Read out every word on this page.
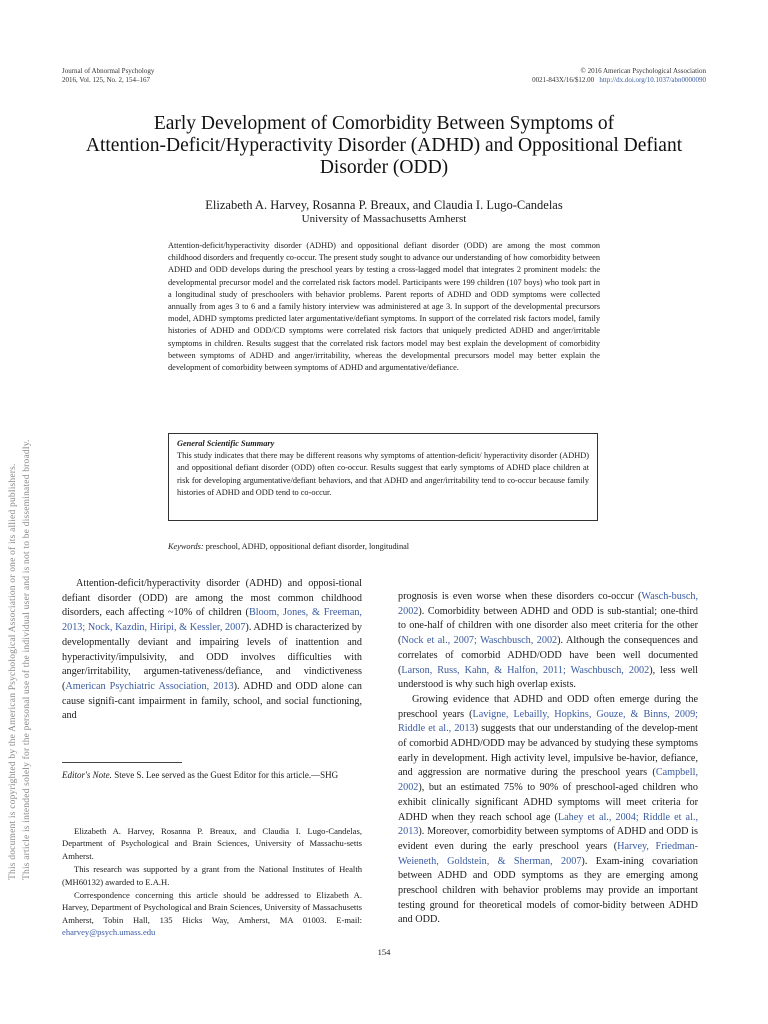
This document is copyrighted by the American Psychological Association or one of its allied publishers. This article is intended solely for the personal use of the individual user and is not to be disseminated broadly.
Journal of Abnormal Psychology
2016, Vol. 125, No. 2, 154–167
© 2016 American Psychological Association
0021-843X/16/$12.00 http://dx.doi.org/10.1037/abn0000090
Early Development of Comorbidity Between Symptoms of
Attention-Deficit/Hyperactivity Disorder (ADHD) and Oppositional Defiant
Disorder (ODD)
Elizabeth A. Harvey, Rosanna P. Breaux, and Claudia I. Lugo-Candelas
University of Massachusetts Amherst
Attention-deficit/hyperactivity disorder (ADHD) and oppositional defiant disorder (ODD) are among the most common childhood disorders and frequently co-occur. The present study sought to advance our understanding of how comorbidity between ADHD and ODD develops during the preschool years by testing a cross-lagged model that integrates 2 prominent models: the developmental precursor model and the correlated risk factors model. Participants were 199 children (107 boys) who took part in a longitudinal study of preschoolers with behavior problems. Parent reports of ADHD and ODD symptoms were collected annually from ages 3 to 6 and a family history interview was administered at age 3. In support of the developmental precursors model, ADHD symptoms predicted later argumentative/defiant symptoms. In support of the correlated risk factors model, family histories of ADHD and ODD/CD symptoms were correlated risk factors that uniquely predicted ADHD and anger/irritable symptoms in children. Results suggest that the correlated risk factors model may best explain the development of comorbidity between symptoms of ADHD and anger/irritability, whereas the developmental precursors model may better explain the development of comorbidity between symptoms of ADHD and argumentative/defiance.
General Scientific Summary
This study indicates that there may be different reasons why symptoms of attention-deficit/ hyperactivity disorder (ADHD) and oppositional defiant disorder (ODD) often co-occur. Results suggest that early symptoms of ADHD place children at risk for developing argumentative/defiant behaviors, and that ADHD and anger/irritability tend to co-occur because family histories of ADHD and ODD tend to co-occur.
Keywords: preschool, ADHD, oppositional defiant disorder, longitudinal

Attention-deficit/hyperactivity disorder (ADHD) and opposi-tional defiant disorder (ODD) are among the most common childhood disorders, each affecting ~10% of children (Bloom, Jones, & Freeman, 2013; Nock, Kazdin, Hiripi, & Kessler, 2007). ADHD is characterized by developmentally deviant and impairing levels of inattention and hyperactivity/impulsivity, and ODD involves difficulties with anger/irritability, argumen-tativeness/defiance, and vindictiveness (American Psychiatric Association, 2013). ADHD and ODD alone can cause signifi-cant impairment in family, school, and social functioning, and

Editor's Note. Steve S. Lee served as the Guest Editor for this article.—SHG

Elizabeth A. Harvey, Rosanna P. Breaux, and Claudia I. Lugo-Candelas, Department of Psychological and Brain Sciences, University of Massachu-setts Amherst.

This research was supported by a grant from the National Institutes of Health (MH60132) awarded to E.A.H.

Correspondence concerning this article should be addressed to Elizabeth A. Harvey, Department of Psychological and Brain Sciences, University of Massachusetts Amherst, Tobin Hall, 135 Hicks Way, Amherst, MA 01003. E-mail: eharvey@psych.umass.edu

prognosis is even worse when these disorders co-occur (Wasch-busch, 2002). Comorbidity between ADHD and ODD is sub-stantial; one-third to one-half of children with one disorder also meet criteria for the other (Nock et al., 2007; Waschbusch, 2002). Although the consequences and correlates of comorbid ADHD/ODD have been well documented (Larson, Russ, Kahn, & Halfon, 2011; Waschbusch, 2002), less well understood is why such high overlap exists.

Growing evidence that ADHD and ODD often emerge during the preschool years (Lavigne, Lebailly, Hopkins, Gouze, & Binns, 2009; Riddle et al., 2013) suggests that our understanding of the develop-ment of comorbid ADHD/ODD may be advanced by studying these symptoms early in development. High activity level, impulsive be-havior, defiance, and aggression are normative during the preschool years (Campbell, 2002), but an estimated 75% to 90% of preschool-aged children who exhibit clinically significant ADHD symptoms will meet criteria for ADHD when they reach school age (Lahey et al., 2004; Riddle et al., 2013). Moreover, comorbidity between symptoms of ADHD and ODD is evident even during the early preschool years (Harvey, Friedman-Weieneth, Goldstein, & Sherman, 2007). Exam-ining covariation between ADHD and ODD symptoms as they are emerging among preschool children with behavior problems may provide an important testing ground for theoretical models of comor-bidity between ADHD and ODD.

154
